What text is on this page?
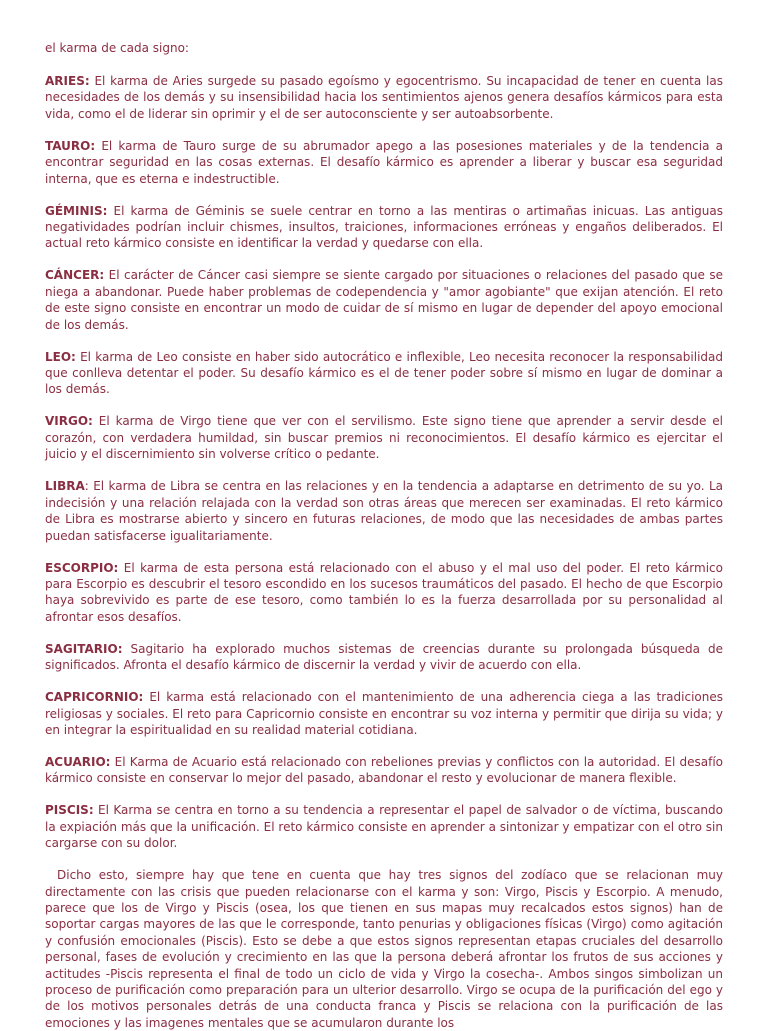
el karma de cada signo:

ARIES: El karma de Aries surgede su pasado egoísmo y egocentrismo. Su incapacidad de tener en cuenta las necesidades de los demás y su insensibilidad hacia los sentimientos ajenos genera desafíos kármicos para esta vida, como el de liderar sin oprimir y el de ser autoconsciente y ser autoabsorbente.

TAURO: El karma de Tauro surge de su abrumador apego a las posesiones materiales y de la tendencia a encontrar seguridad en las cosas externas. El desafío kármico es aprender a liberar y buscar esa seguridad interna, que es eterna e indestructible.

GÉMINIS: El karma de Géminis se suele centrar en torno a las mentiras o artimañas inicuas. Las antiguas negatividades podrían incluir chismes, insultos, traiciones, informaciones erróneas y engaños deliberados. El actual reto kármico consiste en identificar la verdad y quedarse con ella.

CÁNCER: El carácter de Cáncer casi siempre se siente cargado por situaciones o relaciones del pasado que se niega a abandonar. Puede haber problemas de codependencia y "amor agobiante" que exijan atención. El reto de este signo consiste en encontrar un modo de cuidar de sí mismo en lugar de depender del apoyo emocional de los demás.

LEO: El karma de Leo consiste en haber sido autocrático e inflexible, Leo necesita reconocer la responsabilidad que conlleva detentar el poder. Su desafío kármico es el de tener poder sobre sí mismo en lugar de dominar a los demás.

VIRGO: El karma de Virgo tiene que ver con el servilismo. Este signo tiene que aprender a servir desde el corazón, con verdadera humildad, sin buscar premios ni reconocimientos. El desafío kármico es ejercitar el juicio y el discernimiento sin volverse crítico o pedante.

LIBRA: El karma de Libra se centra en las relaciones y en la tendencia a adaptarse en detrimento de su yo. La indecisión y una relación relajada con la verdad son otras áreas que merecen ser examinadas. El reto kármico de Libra es mostrarse abierto y sincero en futuras relaciones, de modo que las necesidades de ambas partes puedan satisfacerse igualitariamente.

ESCORPIO: El karma de esta persona está relacionado con el abuso y el mal uso del poder. El reto kármico para Escorpio es descubrir el tesoro escondido en los sucesos traumáticos del pasado. El hecho de que Escorpio haya sobrevivido es parte de ese tesoro, como también lo es la fuerza desarrollada por su personalidad al afrontar esos desafíos.

SAGITARIO: Sagitario ha explorado muchos sistemas de creencias durante su prolongada búsqueda de significados. Afronta el desafío kármico de discernir la verdad y vivir de acuerdo con ella.

CAPRICORNIO: El karma está relacionado con el mantenimiento de una adherencia ciega a las tradiciones religiosas y sociales. El reto para Capricornio consiste en encontrar su voz interna y permitir que dirija su vida; y en integrar la espiritualidad en su realidad material cotidiana.

ACUARIO: El Karma de Acuario está relacionado con rebeliones previas y conflictos con la autoridad. El desafío kármico consiste en conservar lo mejor del pasado, abandonar el resto y evolucionar de manera flexible.

PISCIS: El Karma se centra en torno a su tendencia a representar el papel de salvador o de víctima, buscando la expiación más que la unificación. El reto kármico consiste en aprender a sintonizar y empatizar con el otro sin cargarse con su dolor.

Dicho esto, siempre hay que tene en cuenta que hay tres signos del zodíaco que se relacionan muy directamente con las crisis que pueden relacionarse con el karma y son: Virgo, Piscis y Escorpio. A menudo, parece que los de Virgo y Piscis (osea, los que tienen en sus mapas muy recalcados estos signos) han de soportar cargas mayores de las que le corresponde, tanto penurias y obligaciones físicas (Virgo) como agitación y confusión emocionales (Piscis). Esto se debe a que estos signos representan etapas cruciales del desarrollo personal, fases de evolución y crecimiento en las que la persona deberá afrontar los frutos de sus acciones y actitudes -Piscis representa el final de todo un ciclo de vida y Virgo la cosecha-. Ambos singos simbolizan un proceso de purificación como preparación para un ulterior desarrollo. Virgo se ocupa de la purificación del ego y de los motivos personales detrás de una conducta franca y Piscis se relaciona con la purificación de las emociones y las imagenes mentales que se acumularon durante los
